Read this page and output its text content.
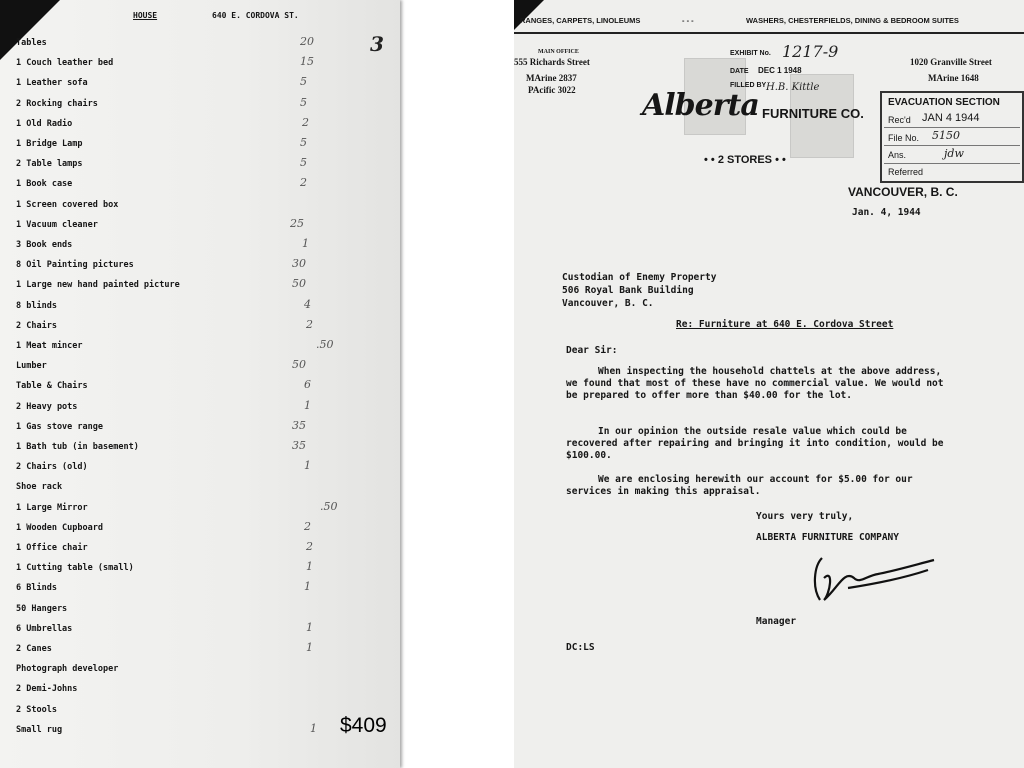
HOUSE	640 E. CORDOVA ST.
3
Tables	20
1 Couch leather bed	15
1 Leather sofa	5
2 Rocking chairs	5
1 Old Radio	2
1 Bridge Lamp	5
2 Table lamps	5
1 Book case	2
1 Screen covered box
1 Vacuum cleaner	25
3 Book ends	1
8 Oil Painting pictures	30
1 Large new hand painted picture	50
8 blinds	4
2 Chairs	2
1 Meat mincer	.50
Lumber	50
Table & Chairs	6
2 Heavy pots	1
1 Gas stove range	35
1 Bath tub (in basement)	35
2 Chairs (old)	1
Shoe rack
1 Large Mirror	.50
1 Wooden Cupboard	2
1 Office chair	2
1 Cutting table (small)	1
6 Blinds	1
50 Hangers
6 Umbrellas	1
2 Canes	1
Photograph developer
2 Demi-Johns
2 Stools
Small rug	1 $409
RANGES, CARPETS, LINOLEUMS	- - -	WASHERS, CHESTERFIELDS, DINING & BEDROOM SUITES
MAIN OFFICE
555 Richards Street
MArine 2837
PAcific 3022
1020 Granville Street
MArine 1648
EXHIBIT No. 1217-9
DATE DEC 1 1948
FILLED BY H.B. Kittle
Alberta FURNITURE CO.
• • 2 STORES • •
EVACUATION SECTION
Rec'd JAN 4 1944
File No. 5150
Ans.	jdw
Referred
VANCOUVER, B. C.
Jan. 4, 1944
Custodian of Enemy Property
506 Royal Bank Building
Vancouver, B. C.
Re: Furniture at 640 E. Cordova Street
Dear Sir:
When inspecting the household chattels at the above address, we found that most of these have no commercial value. We would not be prepared to offer more than $40.00 for the lot.
In our opinion the outside resale value which could be recovered after repairing and bringing it into condition, would be $100.00.
We are enclosing herewith our account for $5.00 for our services in making this appraisal.
Yours very truly,
ALBERTA FURNITURE COMPANY
Manager
DC:LS
